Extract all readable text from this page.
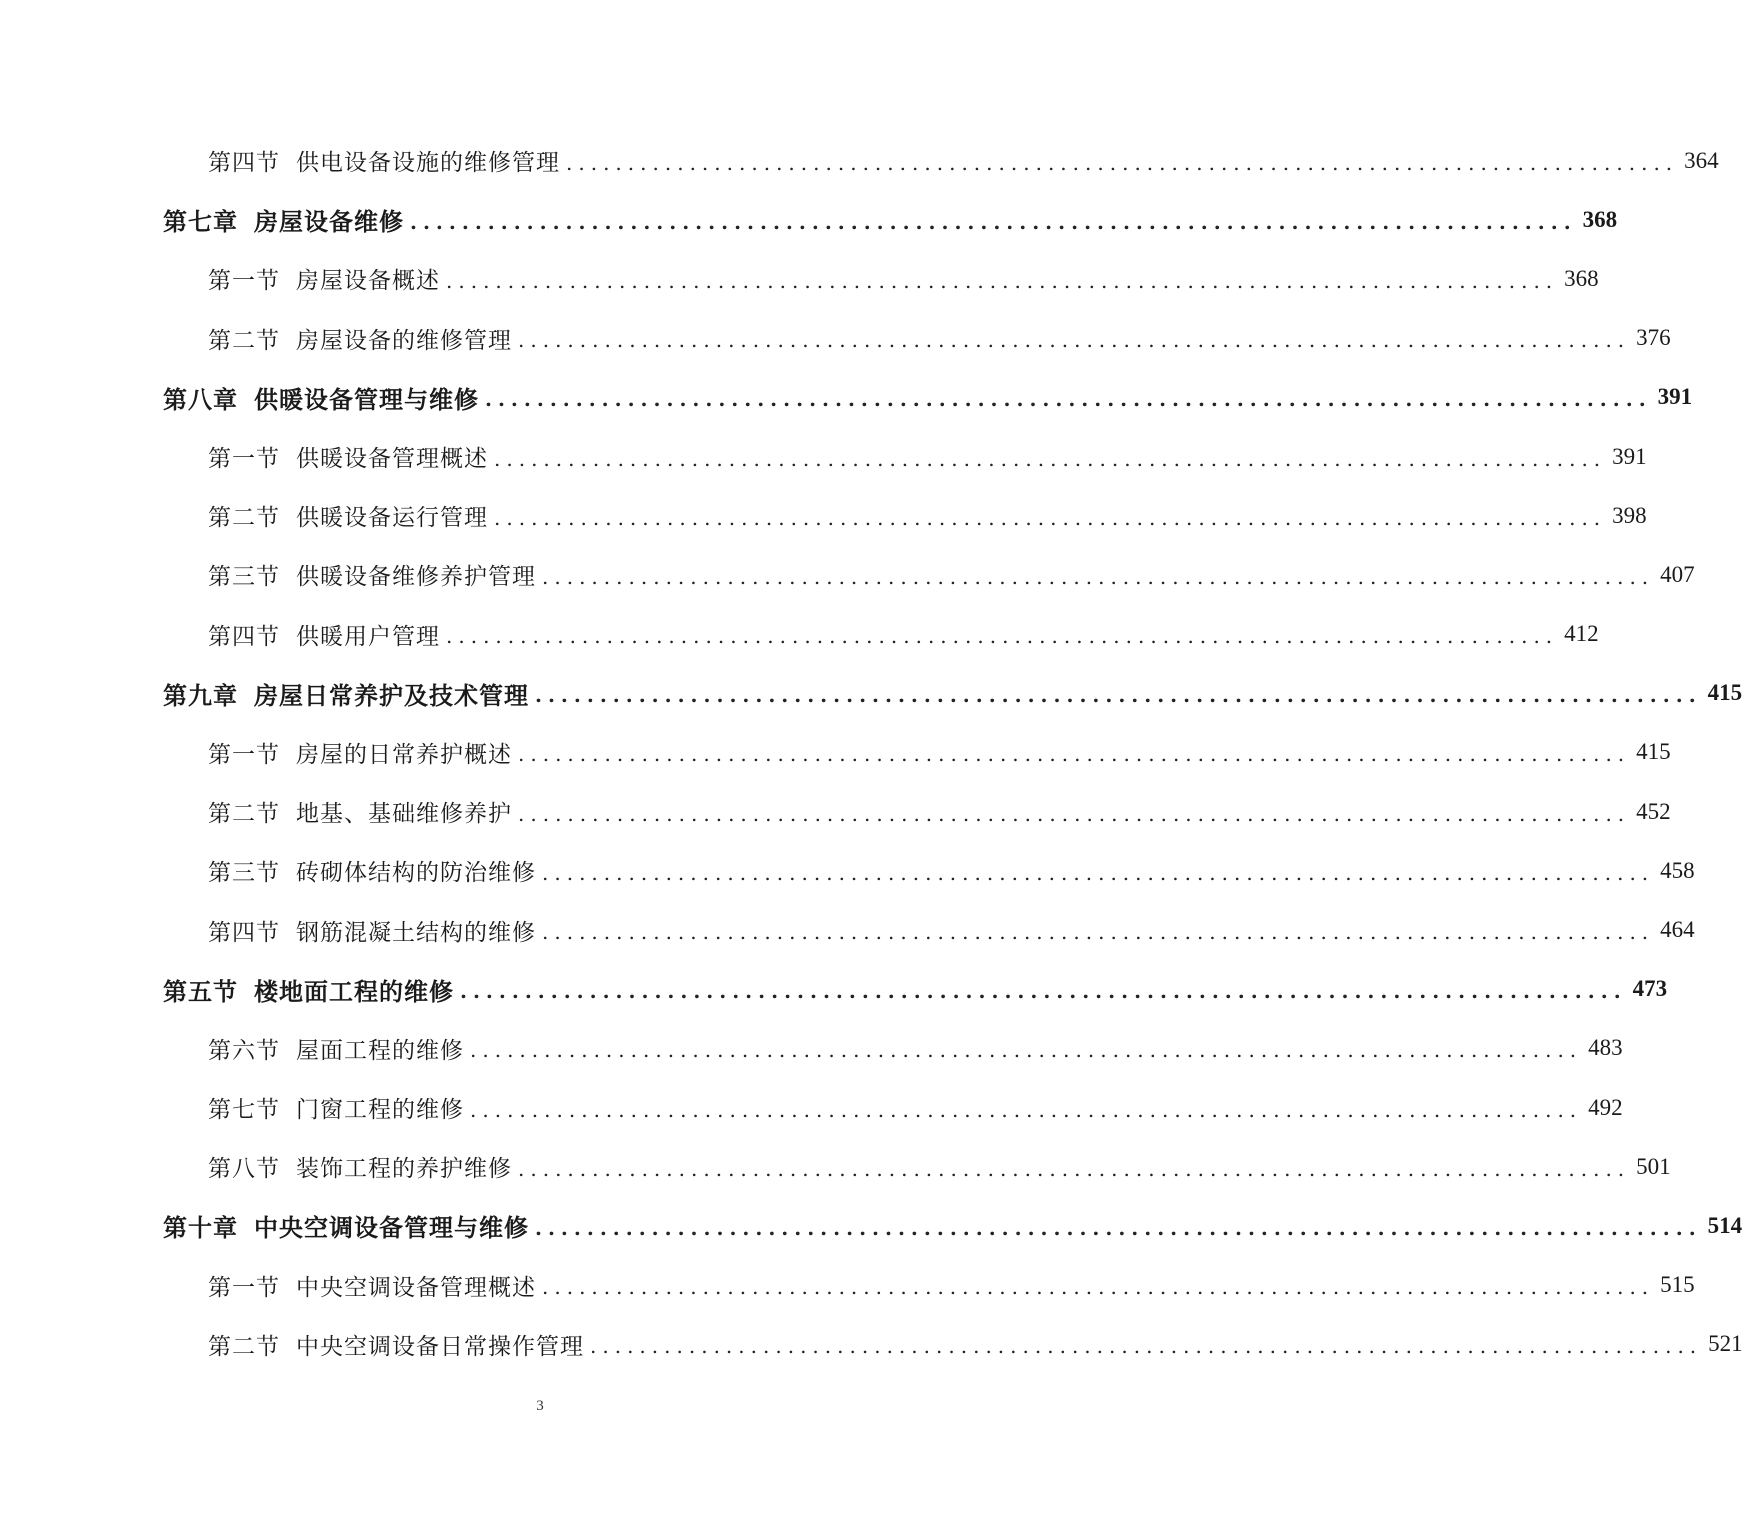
第四节 供电设备设施的维修管理 .......................................................................................... 364
第七章 房屋设备维修 .......................................................................................... 368
第一节 房屋设备概述 .......................................................................................... 368
第二节 房屋设备的维修管理 .......................................................................................... 376
第八章 供暖设备管理与维修 .......................................................................................... 391
第一节 供暖设备管理概述 .......................................................................................... 391
第二节 供暖设备运行管理 .......................................................................................... 398
第三节 供暖设备维修养护管理 .......................................................................................... 407
第四节 供暖用户管理 .......................................................................................... 412
第九章 房屋日常养护及技术管理 .......................................................................................... 415
第一节 房屋的日常养护概述 .......................................................................................... 415
第二节 地基、基础维修养护 .......................................................................................... 452
第三节 砖砌体结构的防治维修 .......................................................................................... 458
第四节 钢筋混凝土结构的维修 .......................................................................................... 464
第五节 楼地面工程的维修 .......................................................................................... 473
第六节 屋面工程的维修 .......................................................................................... 483
第七节 门窗工程的维修 .......................................................................................... 492
第八节 装饰工程的养护维修 .......................................................................................... 501
第十章 中央空调设备管理与维修 .......................................................................................... 514
第一节 中央空调设备管理概述 .......................................................................................... 515
第二节 中央空调设备日常操作管理 .......................................................................................... 521
3
